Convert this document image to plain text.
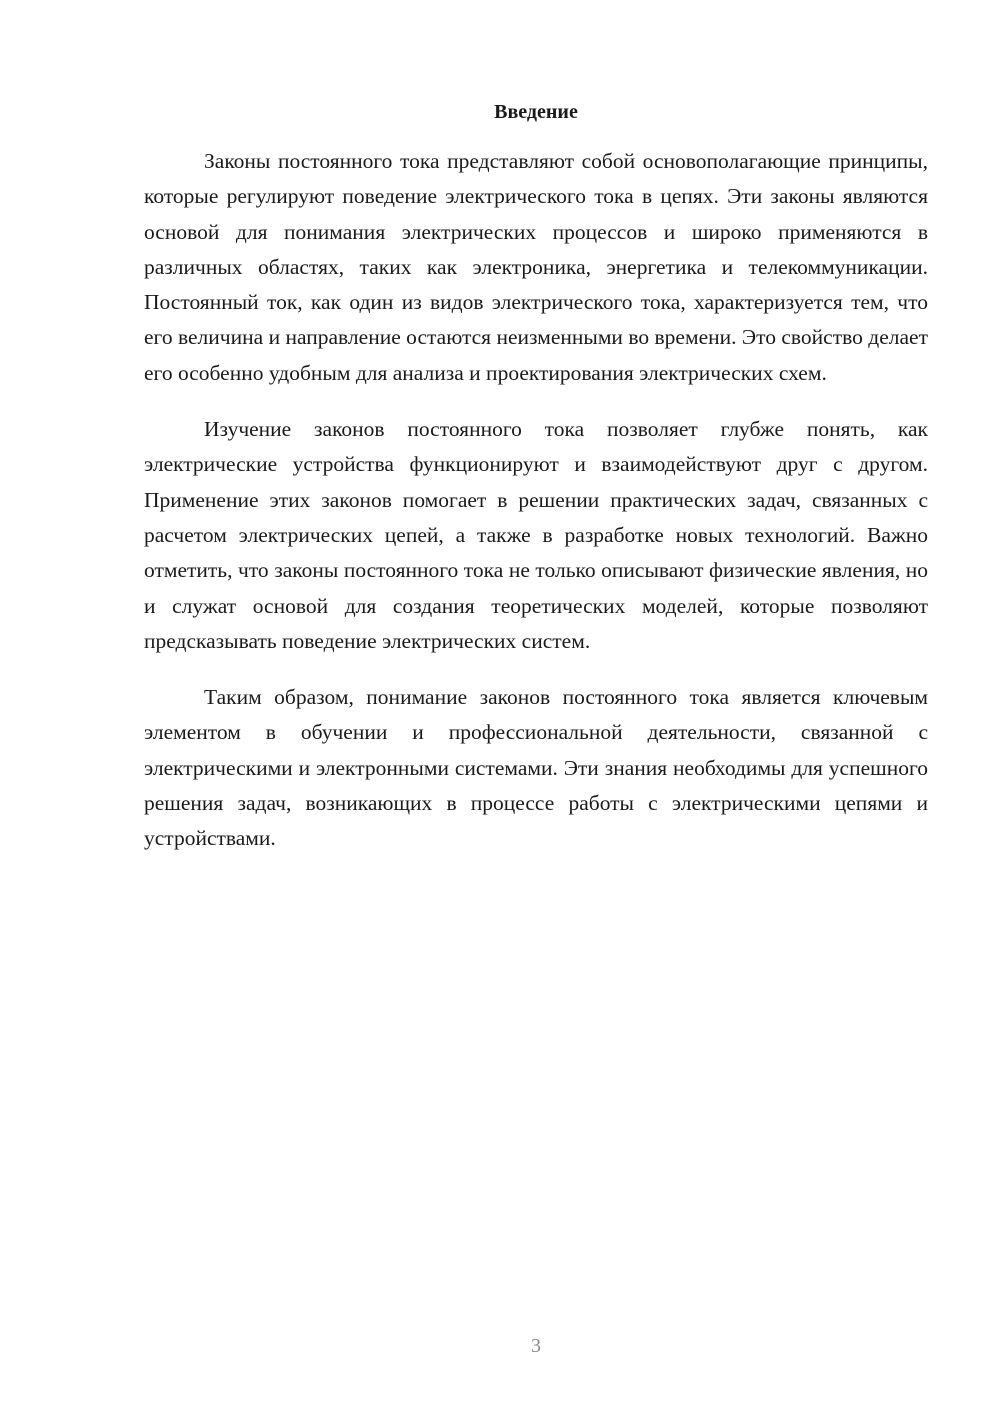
Введение

Законы постоянного тока представляют собой основополагающие принципы, которые регулируют поведение электрического тока в цепях. Эти законы являются основой для понимания электрических процессов и широко применяются в различных областях, таких как электроника, энергетика и телекоммуникации. Постоянный ток, как один из видов электрического тока, характеризуется тем, что его величина и направление остаются неизменными во времени. Это свойство делает его особенно удобным для анализа и проектирования электрических схем.

Изучение законов постоянного тока позволяет глубже понять, как электрические устройства функционируют и взаимодействуют друг с другом. Применение этих законов помогает в решении практических задач, связанных с расчетом электрических цепей, а также в разработке новых технологий. Важно отметить, что законы постоянного тока не только описывают физические явления, но и служат основой для создания теоретических моделей, которые позволяют предсказывать поведение электрических систем.

Таким образом, понимание законов постоянного тока является ключевым элементом в обучении и профессиональной деятельности, связанной с электрическими и электронными системами. Эти знания необходимы для успешного решения задач, возникающих в процессе работы с электрическими цепями и устройствами.

3
